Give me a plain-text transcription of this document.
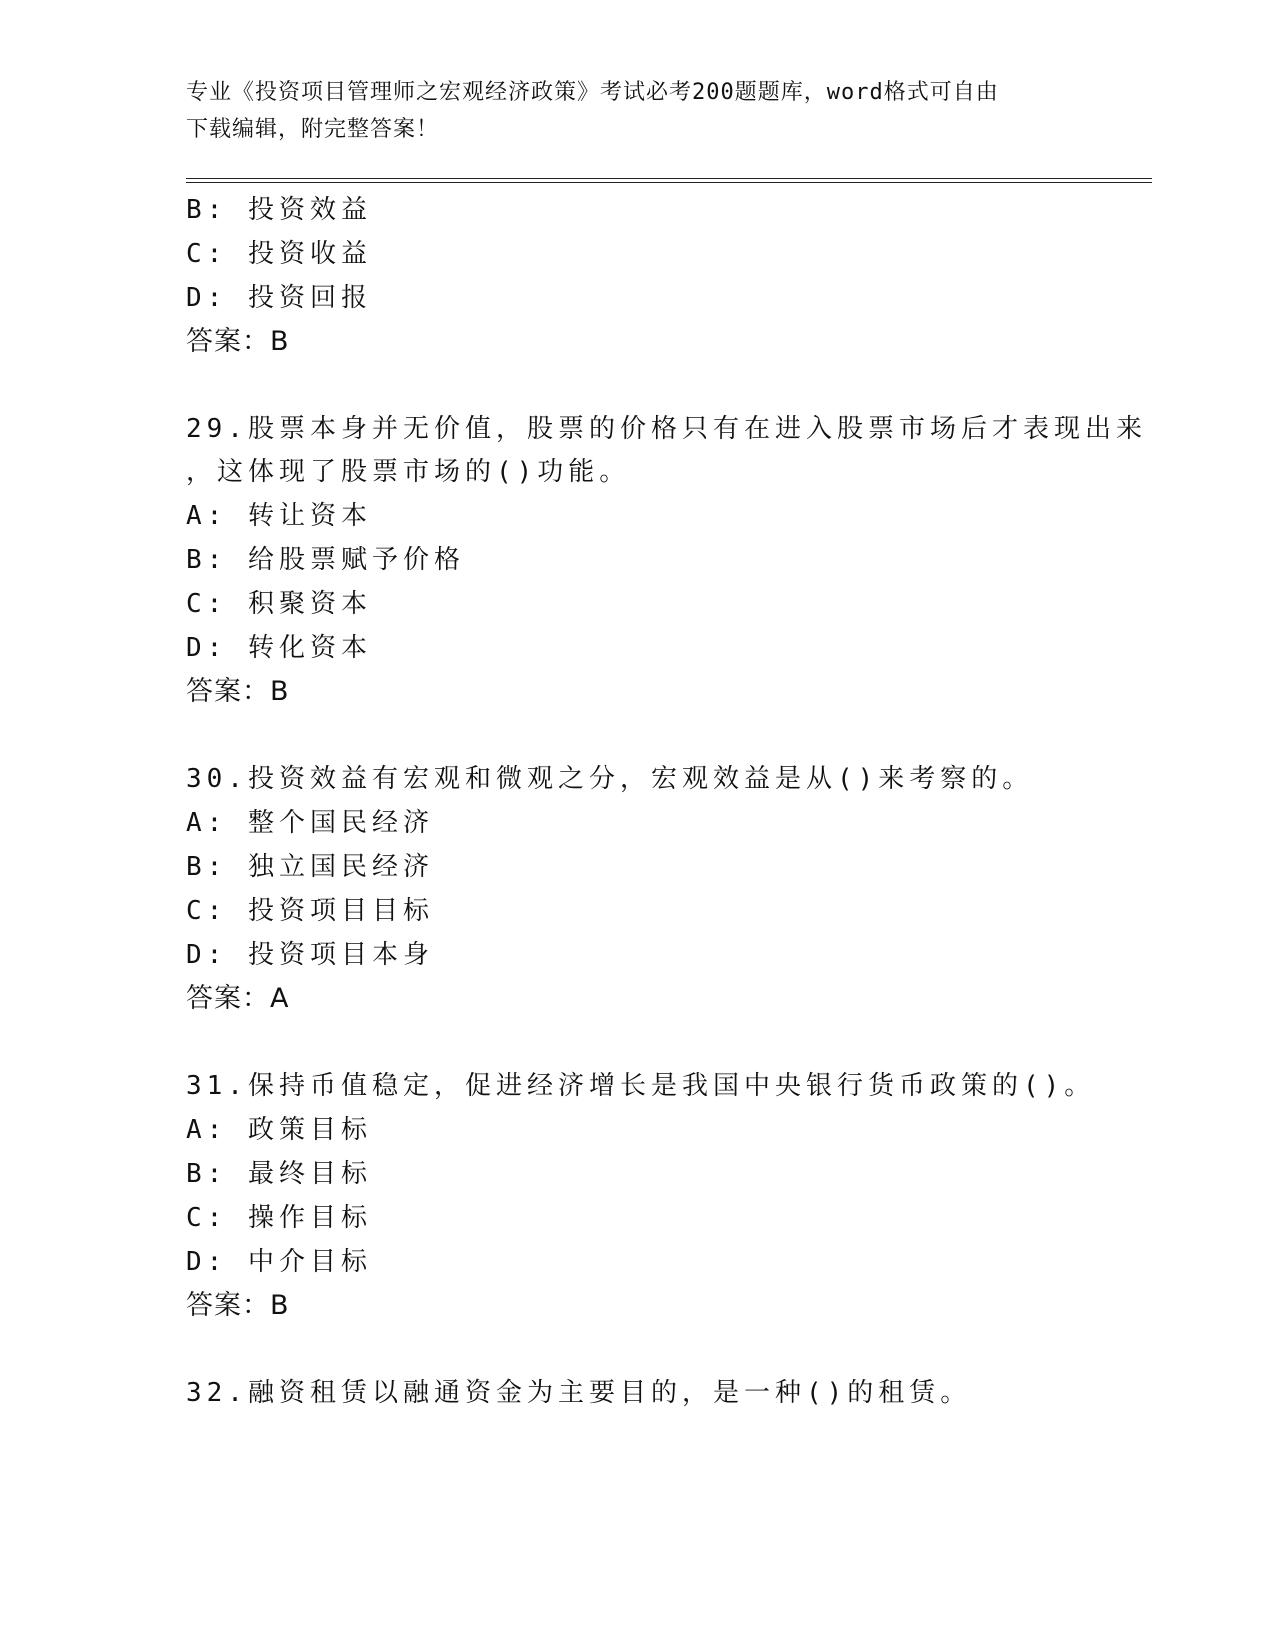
专业《投资项目管理师之宏观经济政策》考试必考200题题库，word格式可自由
下载编辑，附完整答案！
B: 投资效益
C: 投资收益
D: 投资回报
答案：B
29.股票本身并无价值，股票的价格只有在进入股票市场后才表现出来
，这体现了股票市场的()功能。
A: 转让资本
B: 给股票赋予价格
C: 积聚资本
D: 转化资本
答案：B
30.投资效益有宏观和微观之分，宏观效益是从()来考察的。
A: 整个国民经济
B: 独立国民经济
C: 投资项目目标
D: 投资项目本身
答案：A
31.保持币值稳定，促进经济增长是我国中央银行货币政策的()。
A: 政策目标
B: 最终目标
C: 操作目标
D: 中介目标
答案：B
32.融资租赁以融通资金为主要目的，是一种()的租赁。
